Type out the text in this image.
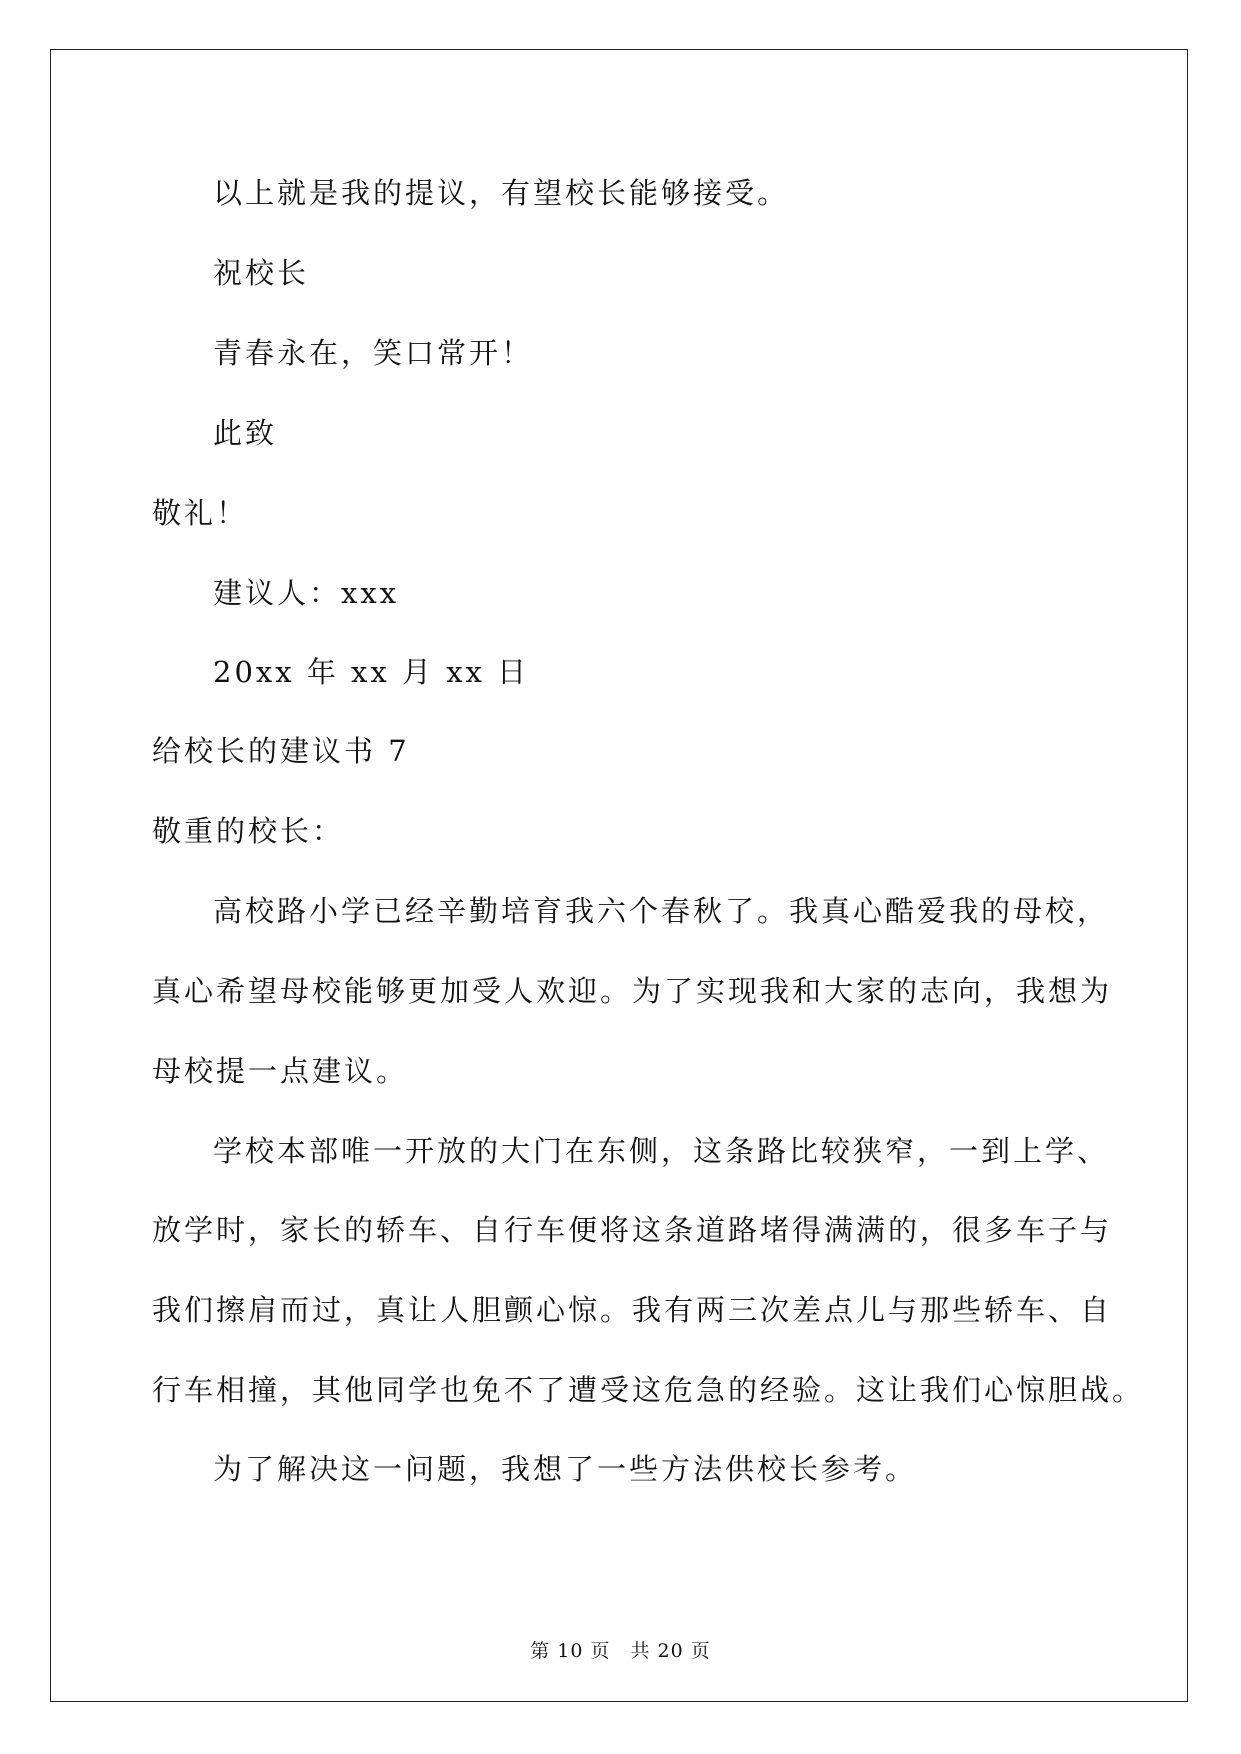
以上就是我的提议，有望校长能够接受。
祝校长
青春永在，笑口常开！
此致
敬礼！
建议人：xxx
20xx 年 xx 月 xx 日
给校长的建议书 7
敬重的校长：
高校路小学已经辛勤培育我六个春秋了。我真心酷爱我的母校，
真心希望母校能够更加受人欢迎。为了实现我和大家的志向，我想为
母校提一点建议。
学校本部唯一开放的大门在东侧，这条路比较狭窄，一到上学、
放学时，家长的轿车、自行车便将这条道路堵得满满的，很多车子与
我们擦肩而过，真让人胆颤心惊。我有两三次差点儿与那些轿车、自
行车相撞，其他同学也免不了遭受这危急的经验。这让我们心惊胆战。
为了解决这一问题，我想了一些方法供校长参考。
第 10 页 共 20 页
